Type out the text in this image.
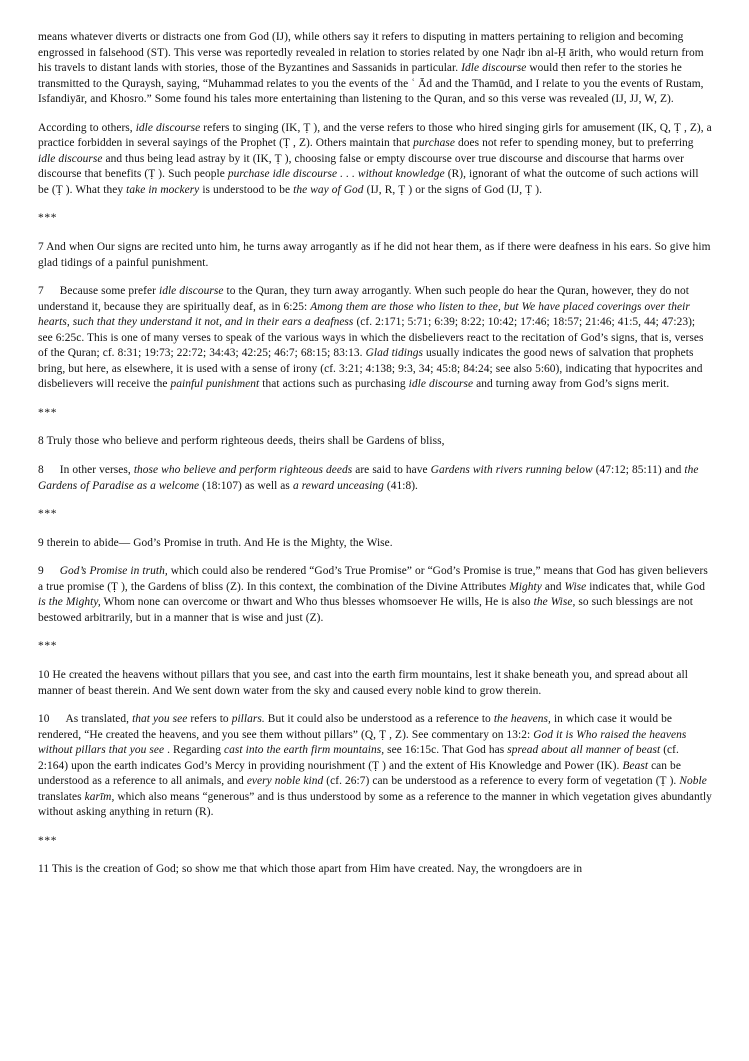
means whatever diverts or distracts one from God (IJ), while others say it refers to disputing in matters pertaining to religion and becoming engrossed in falsehood (ST). This verse was reportedly revealed in relation to stories related by one Naḍr ibn al-Ḥ ārith, who would return from his travels to distant lands with stories, those of the Byzantines and Sassanids in particular. Idle discourse would then refer to the stories he transmitted to the Quraysh, saying, “Muhammad relates to you the events of the ʿ Ād and the Thamūd, and I relate to you the events of Rustam, Isfandiyār, and Khosro.” Some found his tales more entertaining than listening to the Quran, and so this verse was revealed (IJ, JJ, W, Z).

According to others, idle discourse refers to singing (IK, Ṭ ), and the verse refers to those who hired singing girls for amusement (IK, Q, Ṭ , Z), a practice forbidden in several sayings of the Prophet (Ṭ , Z). Others maintain that purchase does not refer to spending money, but to preferring idle discourse and thus being lead astray by it (IK, Ṭ ), choosing false or empty discourse over true discourse and discourse that harms over discourse that benefits (Ṭ ). Such people purchase idle discourse . . . without knowledge (R), ignorant of what the outcome of such actions will be (Ṭ ). What they take in mockery is understood to be the way of God (IJ, R, Ṭ ) or the signs of God (IJ, Ṭ ).

***

7 And when Our signs are recited unto him, he turns away arrogantly as if he did not hear them, as if there were deafness in his ears. So give him glad tidings of a painful punishment.

7 Because some prefer idle discourse to the Quran, they turn away arrogantly. When such people do hear the Quran, however, they do not understand it, because they are spiritually deaf, as in 6:25: Among them are those who listen to thee, but We have placed coverings over their hearts, such that they understand it not, and in their ears a deafness (cf. 2:171; 5:71; 6:39; 8:22; 10:42; 17:46; 18:57; 21:46; 41:5, 44; 47:23); see 6:25c. This is one of many verses to speak of the various ways in which the disbelievers react to the recitation of God’s signs, that is, verses of the Quran; cf. 8:31; 19:73; 22:72; 34:43; 42:25; 46:7; 68:15; 83:13. Glad tidings usually indicates the good news of salvation that prophets bring, but here, as elsewhere, it is used with a sense of irony (cf. 3:21; 4:138; 9:3, 34; 45:8; 84:24; see also 5:60), indicating that hypocrites and disbelievers will receive the painful punishment that actions such as purchasing idle discourse and turning away from God’s signs merit.

***

8 Truly those who believe and perform righteous deeds, theirs shall be Gardens of bliss,

8 In other verses, those who believe and perform righteous deeds are said to have Gardens with rivers running below (47:12; 85:11) and the Gardens of Paradise as a welcome (18:107) as well as a reward unceasing (41:8).

***

9 therein to abide— God’s Promise in truth. And He is the Mighty, the Wise.

9 God’s Promise in truth, which could also be rendered “God’s True Promise” or “God’s Promise is true,” means that God has given believers a true promise (Ṭ ), the Gardens of bliss (Z). In this context, the combination of the Divine Attributes Mighty and Wise indicates that, while God is the Mighty, Whom none can overcome or thwart and Who thus blesses whomsoever He wills, He is also the Wise, so such blessings are not bestowed arbitrarily, but in a manner that is wise and just (Z).

***

10 He created the heavens without pillars that you see, and cast into the earth firm mountains, lest it shake beneath you, and spread about all manner of beast therein. And We sent down water from the sky and caused every noble kind to grow therein.

10 As translated, that you see refers to pillars. But it could also be understood as a reference to the heavens, in which case it would be rendered, “He created the heavens, and you see them without pillars” (Q, Ṭ , Z). See commentary on 13:2: God it is Who raised the heavens without pillars that you see . Regarding cast into the earth firm mountains, see 16:15c. That God has spread about all manner of beast (cf. 2:164) upon the earth indicates God’s Mercy in providing nourishment (Ṭ ) and the extent of His Knowledge and Power (IK). Beast can be understood as a reference to all animals, and every noble kind (cf. 26:7) can be understood as a reference to every form of vegetation (Ṭ ). Noble translates karīm, which also means “generous” and is thus understood by some as a reference to the manner in which vegetation gives abundantly without asking anything in return (R).

***

11 This is the creation of God; so show me that which those apart from Him have created. Nay, the wrongdoers are in
